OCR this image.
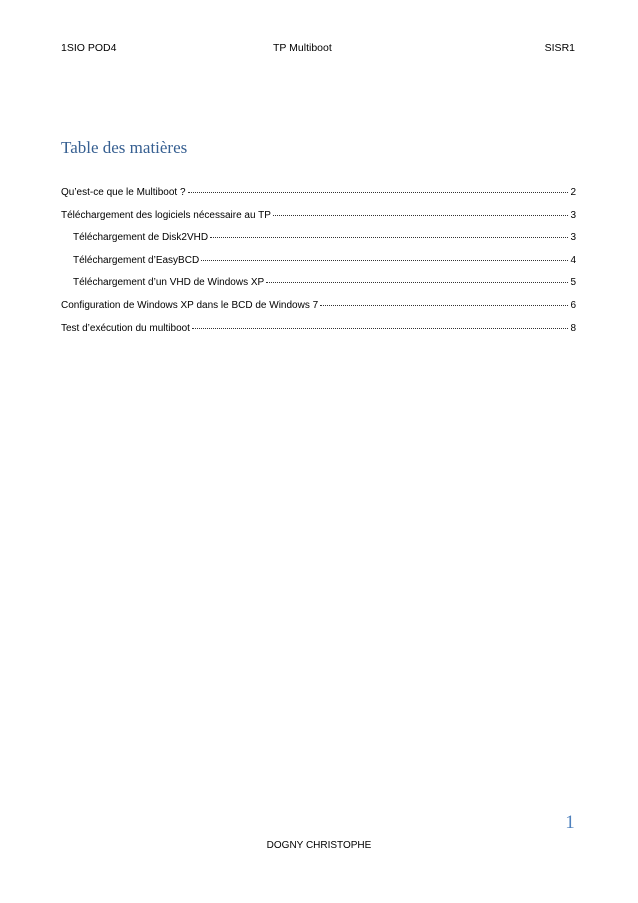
1SIO POD4	TP Multiboot	SISR1
Table des matières
Qu’est-ce que le Multiboot ?	2
Téléchargement des logiciels nécessaire au TP	3
Téléchargement de Disk2VHD	3
Téléchargement d’EasyBCD	4
Téléchargement d’un VHD de Windows XP	5
Configuration de Windows XP dans le BCD de Windows 7	6
Test d’exécution du multiboot	8
1
DOGNY CHRISTOPHE
